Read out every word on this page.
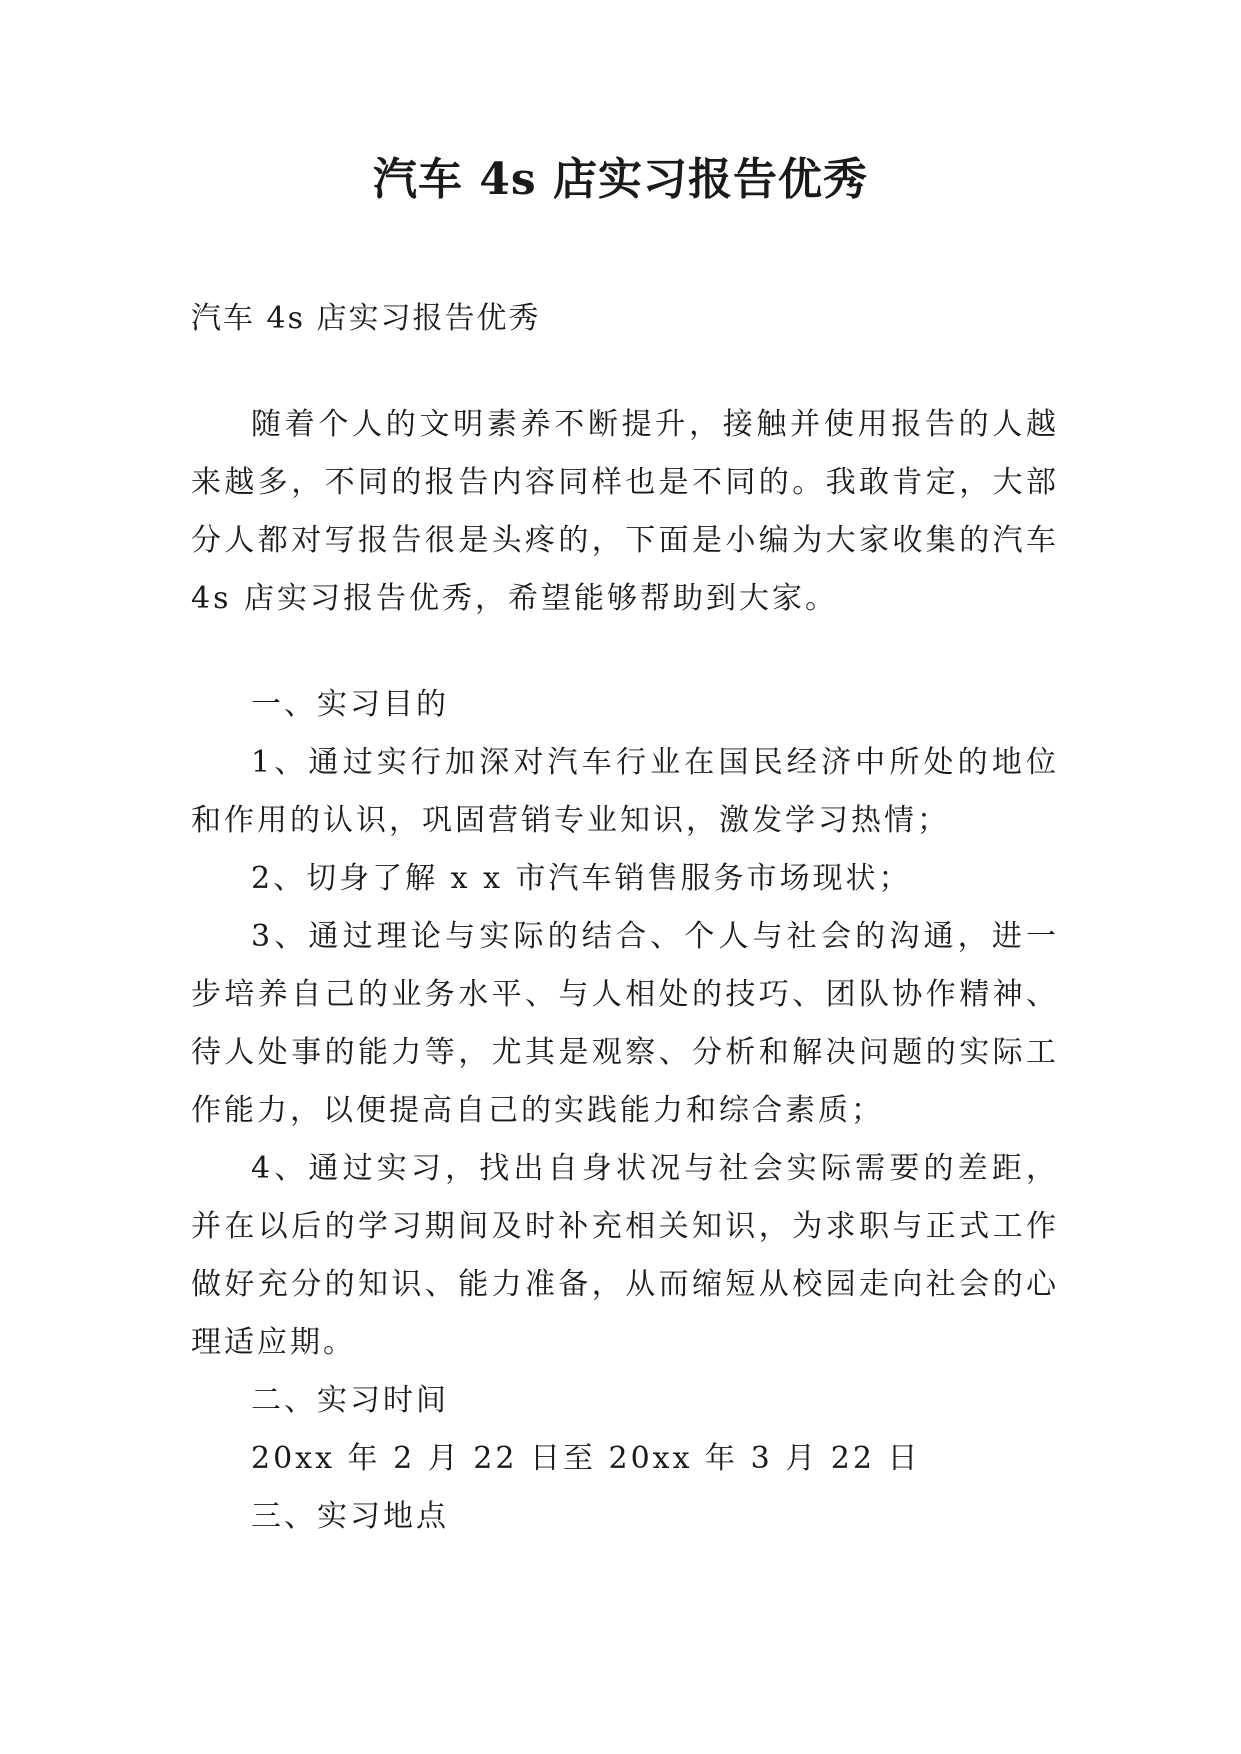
汽车 4s 店实习报告优秀

汽车 4s 店实习报告优秀

随着个人的文明素养不断提升，接触并使用报告的人越来越多，不同的报告内容同样也是不同的。我敢肯定，大部分人都对写报告很是头疼的，下面是小编为大家收集的汽车 4s 店实习报告优秀，希望能够帮助到大家。

一、实习目的

1、通过实行加深对汽车行业在国民经济中所处的地位和作用的认识，巩固营销专业知识，激发学习热情；

2、切身了解 x x 市汽车销售服务市场现状；

3、通过理论与实际的结合、个人与社会的沟通，进一步培养自己的业务水平、与人相处的技巧、团队协作精神、待人处事的能力等，尤其是观察、分析和解决问题的实际工作能力，以便提高自己的实践能力和综合素质；

4、通过实习，找出自身状况与社会实际需要的差距，并在以后的学习期间及时补充相关知识，为求职与正式工作做好充分的知识、能力准备，从而缩短从校园走向社会的心理适应期。

二、实习时间

20xx 年 2 月 22 日至 20xx 年 3 月 22 日

三、实习地点
